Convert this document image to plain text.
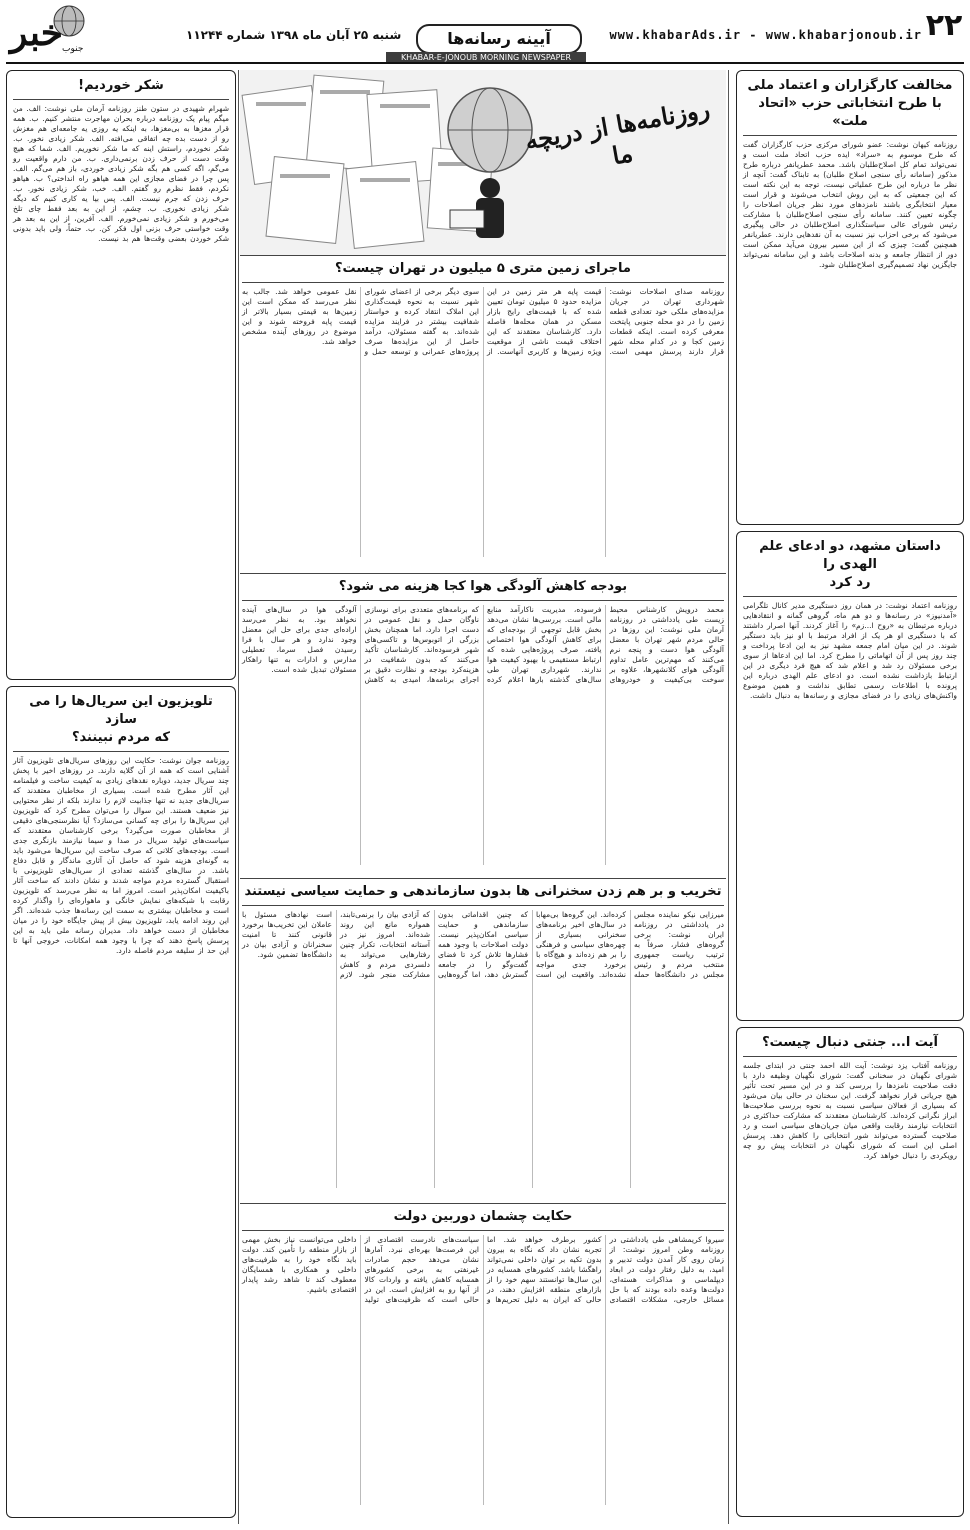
۲۲
www.khabarAds.ir - www.khabarjonoub.ir
آیینه رسانه‌ها
شنبه ۲۵ آبان ماه ۱۳۹۸ شماره ۱۱۲۴۴
خبر جنوب
KHABAR-E-JONOUB MORNING NEWSPAPER
مخالفت کارگزاران و اعتماد ملی
با طرح انتخاباتی حزب «اتحاد ملت»
روزنامه کیهان نوشت: عضو شورای مرکزی حزب کارگزاران گفت که طرح موسوم به «سراد» ایده حزب اتحاد ملت است و نمی‌تواند تمام کل اصلاح‌طلبان باشد. محمد عطریانفر درباره طرح مذکور (سامانه رأی سنجی اصلاح طلبان) به تابناک گفت: آنچه از نظر ما درباره این طرح عملیاتی نیست، توجه به این نکته است که این جمعیتی که به این روش انتخاب می‌شوند و قرار است معیار انتخابگری باشند نامزدهای مورد نظر جریان اصلاحات را چگونه تعیین کنند. سامانه رأی سنجی اصلاح‌طلبان با مشارکت رئیس شورای عالی سیاستگذاری اصلاح‌طلبان در حالی پیگیری می‌شود که برخی احزاب نیز نسبت به آن نقدهایی دارند. عطریانفر همچنین گفت: چیزی که از این مسیر بیرون می‌آید ممکن است دور از انتظار جامعه و بدنه اصلاحات باشد و این سامانه نمی‌تواند جایگزین نهاد تصمیم‌گیری اصلاح‌طلبان شود.
داستان مشهد، دو ادعای علم الهدی را
رد کرد
روزنامه اعتماد نوشت: در همان روز دستگیری مدیر کانال تلگرامی «آمدنیوز» در رسانه‌ها و دو هم ماه، گروهی گمانه و انتقادهایی درباره مرتبطان به «روح ا...زم» را آغاز کردند. آنها اصرار داشتند که با دستگیری او هر یک از افراد مرتبط با او نیز باید دستگیر شوند. در این میان امام جمعه مشهد نیز به این ادعا پرداخت و چند روز پس از آن اتهاماتی را مطرح کرد. اما این ادعاها از سوی برخی مسئولان رد شد و اعلام شد که هیچ فرد دیگری در این ارتباط بازداشت نشده است. دو ادعای علم الهدی درباره این پرونده با اطلاعات رسمی تطابق نداشت و همین موضوع واکنش‌های زیادی را در فضای مجازی و رسانه‌ها به دنبال داشت.
آیت ا... جنتی دنبال چیست؟
روزنامه آفتاب یزد نوشت: آیت الله احمد جنتی در ابتدای جلسه شورای نگهبان در سخنانی گفت: شورای نگهبان وظیفه دارد با دقت صلاحیت نامزدها را بررسی کند و در این مسیر تحت تأثیر هیچ جریانی قرار نخواهد گرفت. این سخنان در حالی بیان می‌شود که بسیاری از فعالان سیاسی نسبت به نحوه بررسی صلاحیت‌ها ابراز نگرانی کرده‌اند. کارشناسان معتقدند که مشارکت حداکثری در انتخابات نیازمند رقابت واقعی میان جریان‌های سیاسی است و رد صلاحیت گسترده می‌تواند شور انتخاباتی را کاهش دهد. پرسش اصلی این است که شورای نگهبان در انتخابات پیش رو چه رویکردی را دنبال خواهد کرد.
شکر خوردیم!
شهرام شهیدی در ستون طنز روزنامه آرمان ملی نوشت: الف. من میگم پیام یک روزنامه درباره بحران مهاجرت منتشر کنیم. ب. همه قرار مغزها به بی‌مغزها، به اینکه یه روزی یه جامعه‌ای هم مغزش رو از دست بده چه اتفاقی می‌افته. الف. شکر زیادی نخور. ب. شکر نخوردم، راستش اینه که ما شکر نخوریم. الف. شما که هیچ وقت دست از حرف زدن برنمی‌داری. ب. من دارم واقعیت رو می‌گم، اگه کسی هم بگه شکر زیادی خوردی، باز هم می‌گم. الف. پس چرا در فضای مجازی این همه هیاهو راه انداختی؟ ب. هیاهو نکردم، فقط نظرم رو گفتم. الف. خب، شکر زیادی نخور. ب. حرف زدن که جرم نیست. الف. پس بیا یه کاری کنیم که دیگه شکر زیادی نخوری. ب. چشم، از این به بعد فقط چای تلخ می‌خورم و شکر زیادی نمی‌خورم. الف. آفرین، از این به بعد هر وقت خواستی حرف بزنی اول فکر کن. ب. حتماً، ولی باید بدونی شکر خوردن بعضی وقت‌ها هم بد نیست.
تلویزیون این سریال‌ها را می سازد
که مردم نبینند؟
روزنامه جوان نوشت: حکایت این روزهای سریال‌های تلویزیون آثار آشنایی است که همه از آن گلایه دارند. در روزهای اخیر با پخش چند سریال جدید، دوباره نقدهای زیادی به کیفیت ساخت و فیلمنامه این آثار مطرح شده است. بسیاری از مخاطبان معتقدند که سریال‌های جدید نه تنها جذابیت لازم را ندارند بلکه از نظر محتوایی نیز ضعیف هستند. این سوال را می‌توان مطرح کرد که تلویزیون این سریال‌ها را برای چه کسانی می‌سازد؟ آیا نظرسنجی‌های دقیقی از مخاطبان صورت می‌گیرد؟ برخی کارشناسان معتقدند که سیاست‌های تولید سریال در صدا و سیما نیازمند بازنگری جدی است. بودجه‌های کلانی که صرف ساخت این سریال‌ها می‌شود باید به گونه‌ای هزینه شود که حاصل آن آثاری ماندگار و قابل دفاع باشد. در سال‌های گذشته تعدادی از سریال‌های تلویزیونی با استقبال گسترده مردم مواجه شدند و نشان دادند که ساخت آثار باکیفیت امکان‌پذیر است. امروز اما به نظر می‌رسد که تلویزیون رقابت با شبکه‌های نمایش خانگی و ماهواره‌ای را واگذار کرده است و مخاطبان بیشتری به سمت این رسانه‌ها جذب شده‌اند. اگر این روند ادامه یابد، تلویزیون بیش از پیش جایگاه خود را در میان مخاطبان از دست خواهد داد. مدیران رسانه ملی باید به این پرسش پاسخ دهند که چرا با وجود همه امکانات، خروجی آنها تا این حد از سلیقه مردم فاصله دارد.
روزنامه‌ها از دریچه ما
ماجرای زمین متری ۵ میلیون در تهران چیست؟
روزنامه صدای اصلاحات نوشت: شهرداری تهران در جریان مزایده‌های ملکی خود تعدادی قطعه زمین را در دو محله جنوبی پایتخت معرفی کرده است. اینکه قطعات زمین کجا و در کدام محله شهر قرار دارند پرسش مهمی است. قیمت پایه هر متر زمین در این مزایده حدود ۵ میلیون تومان تعیین شده که با قیمت‌های رایج بازار مسکن در همان محله‌ها فاصله دارد. کارشناسان معتقدند که این اختلاف قیمت ناشی از موقعیت ویژه زمین‌ها و کاربری آنهاست. از سوی دیگر برخی از اعضای شورای شهر نسبت به نحوه قیمت‌گذاری این املاک انتقاد کرده و خواستار شفافیت بیشتر در فرایند مزایده شده‌اند. به گفته مسئولان، درآمد حاصل از این مزایده‌ها صرف پروژه‌های عمرانی و توسعه حمل و نقل عمومی خواهد شد. جالب به نظر می‌رسد که ممکن است این زمین‌ها به قیمتی بسیار بالاتر از قیمت پایه فروخته شوند و این موضوع در روزهای آینده مشخص خواهد شد.
بودجه کاهش آلودگی هوا کجا هزینه می شود؟
محمد درویش کارشناس محیط زیست طی یادداشتی در روزنامه آرمان ملی نوشت: این روزها در حالی مردم شهر تهران با معضل آلودگی هوا دست و پنجه نرم می‌کنند که مهم‌ترین عامل تداوم آلودگی هوای کلانشهرها، علاوه بر سوخت بی‌کیفیت و خودروهای فرسوده، مدیریت ناکارآمد منابع مالی است. بررسی‌ها نشان می‌دهد بخش قابل توجهی از بودجه‌ای که برای کاهش آلودگی هوا اختصاص یافته، صرف پروژه‌هایی شده که ارتباط مستقیمی با بهبود کیفیت هوا ندارند. شهرداری تهران طی سال‌های گذشته بارها اعلام کرده که برنامه‌های متعددی برای نوسازی ناوگان حمل و نقل عمومی در دست اجرا دارد، اما همچنان بخش بزرگی از اتوبوس‌ها و تاکسی‌های شهر فرسوده‌اند. کارشناسان تأکید می‌کنند که بدون شفافیت در هزینه‌کرد بودجه و نظارت دقیق بر اجرای برنامه‌ها، امیدی به کاهش آلودگی هوا در سال‌های آینده نخواهد بود. به نظر می‌رسد اراده‌ای جدی برای حل این معضل وجود ندارد و هر سال با فرا رسیدن فصل سرما، تعطیلی مدارس و ادارات به تنها راهکار مسئولان تبدیل شده است.
تخریب و بر هم زدن سخنرانی ها بدون سازماندهی و حمایت سیاسی نیستند
میرزایی نیکو نماینده مجلس در یادداشتی در روزنامه ایران نوشت: برخی گروه‌های فشار، صرفاً به ترتیب ریاست جمهوری منتخب مردم و رئیس مجلس در دانشگاه‌ها حمله کرده‌اند. این گروه‌ها بی‌مهابا در سال‌های اخیر برنامه‌های سخنرانی بسیاری از چهره‌های سیاسی و فرهنگی را بر هم زده‌اند و هیچ‌گاه با برخورد جدی مواجه نشده‌اند. واقعیت این است که چنین اقداماتی بدون سازماندهی و حمایت سیاسی امکان‌پذیر نیست. دولت اصلاحات با وجود همه فشارها تلاش کرد تا فضای گفت‌وگو را در جامعه گسترش دهد، اما گروه‌هایی که آزادی بیان را برنمی‌تابند، همواره مانع این روند شده‌اند. امروز نیز در آستانه انتخابات، تکرار چنین رفتارهایی می‌تواند به دلسردی مردم و کاهش مشارکت منجر شود. لازم است نهادهای مسئول با عاملان این تخریب‌ها برخورد قانونی کنند تا امنیت سخنرانان و آزادی بیان در دانشگاه‌ها تضمین شود.
حکایت چشمان دوربین دولت
سیروا کریمشاهی طی یادداشتی در روزنامه وطن امروز نوشت: از زمان روی کار آمدن دولت تدبیر و امید، به دلیل رفتار دولت در ابعاد دیپلماسی و مذاکرات هسته‌ای، دولت‌ها وعده داده بودند که با حل مسائل خارجی، مشکلات اقتصادی کشور برطرف خواهد شد. اما تجربه نشان داد که نگاه به بیرون بدون تکیه بر توان داخلی نمی‌تواند راهگشا باشد. کشورهای همسایه در این سال‌ها توانستند سهم خود را از بازارهای منطقه افزایش دهند، در حالی که ایران به دلیل تحریم‌ها و سیاست‌های نادرست اقتصادی از این فرصت‌ها بهره‌ای نبرد. آمارها نشان می‌دهد حجم صادرات غیرنفتی به برخی کشورهای همسایه کاهش یافته و واردات کالا از آنها رو به افزایش است. این در حالی است که ظرفیت‌های تولید داخلی می‌توانست نیاز بخش مهمی از بازار منطقه را تأمین کند. دولت باید نگاه خود را به ظرفیت‌های داخلی و همکاری با همسایگان معطوف کند تا شاهد رشد پایدار اقتصادی باشیم.
